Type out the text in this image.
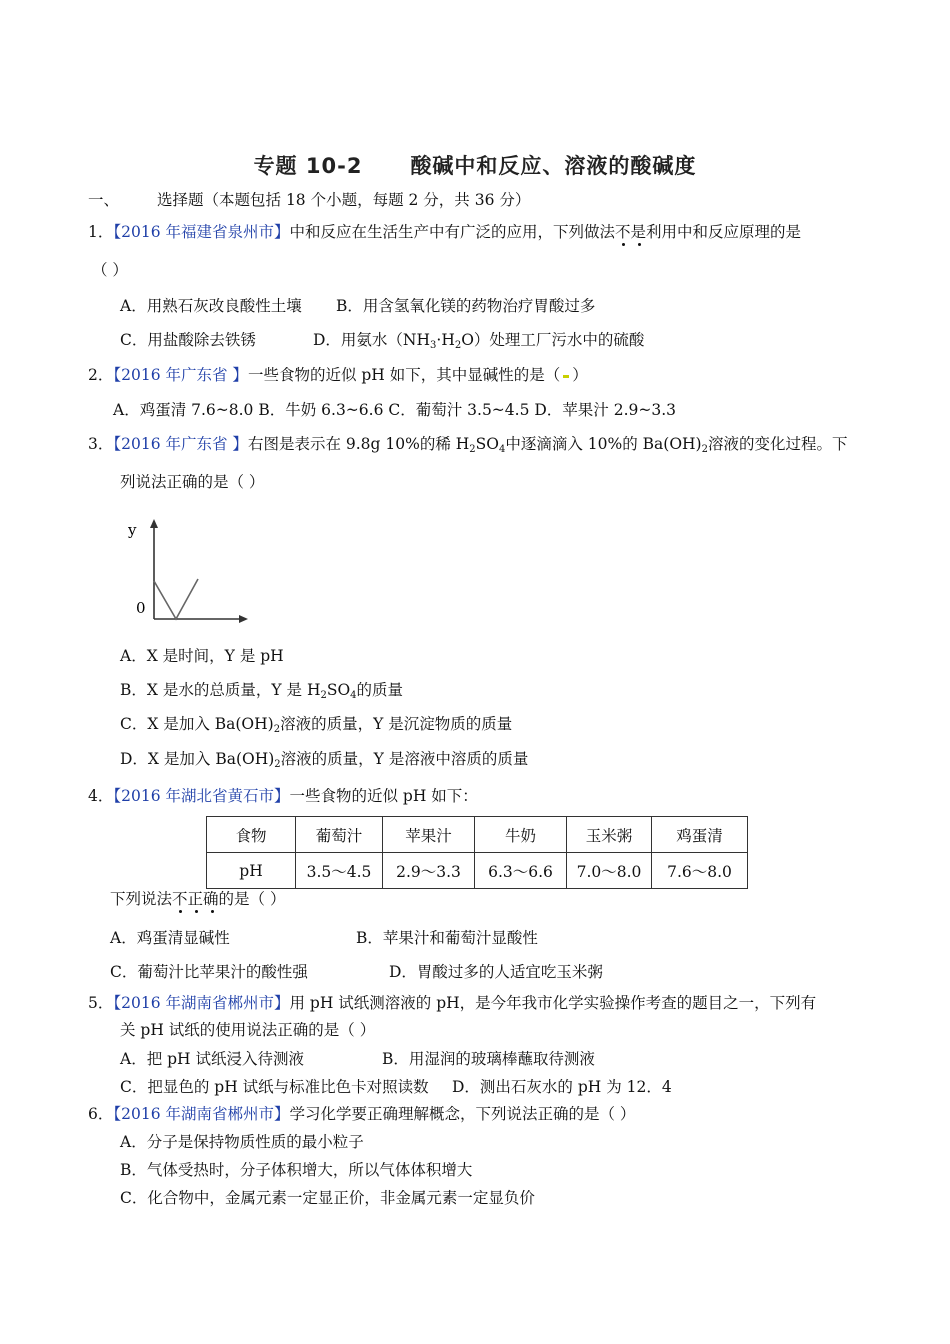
专题 10-2 酸碱中和反应、溶液的酸碱度
一、 选择题（本题包括 18 个小题，每题 2 分，共 36 分）
1．【2016 年福建省泉州市】中和反应在生活生产中有广泛的应用，下列做法不是
利用中和反应原理的是
（ ）
A．用熟石灰改良酸性土壤 B．用含氢氧化镁的药物治疗胃酸过多
C．用盐酸除去铁锈	D．用氨水$(NH_3\cdot H_2O)$处理工厂污水中的硫酸
2．【2016 年广东省 】一些食物的近似 pH 如下，其中显碱性的是（ ）
A．鸡蛋清 7.6~8.0 B．牛奶 6.3~6.6 C．葡萄汁 3.5~4.5 D．苹果汁 2.9~3.3
3．【2016 年广东省 】右图是表示在 9.8g 10%的稀 $H_2SO_4$中逐滴滴入 10%的 $Ba(OH)_2$溶液的变化过程。下
列说法正确的是（ ）
y
0
A．X 是时间，Y 是 pH
B．X 是水的总质量，Y 是 $H_2SO_4$的质量
C．X 是加入 $Ba(OH)_2$溶液的质量，Y 是沉淀物质的质量
D．X 是加入 $Ba(OH)_2$溶液的质量，Y 是溶液中溶质的质量
4．【2016 年湖北省黄石市】一些食物的近似 pH 如下：
食物	葡萄汁	苹果汁	牛奶	玉米粥	鸡蛋清
pH	3.5～4.5	2.9～3.3	6.3～6.6	7.0～8.0	7.6～8.0
下列说法不正确
的是（ ）
A．鸡蛋清显碱性	B．苹果汁和葡萄汁显酸性
C．葡萄汁比苹果汁的酸性强	D．胃酸过多的人适宜吃玉米粥
5．【2016 年湖南省郴州市】用 pH 试纸测溶液的 pH，是今年我市化学实验操作考查的题目之一，下列有
关 pH 试纸的使用说法正确的是（ ）
A．把 pH 试纸浸入待测液	B．用湿润的玻璃棒蘸取待测液
C．把显色的 pH 试纸与标准比色卡对照读数 D．测出石灰水的 pH 为 12．4
6．【2016 年湖南省郴州市】学习化学要正确理解概念，下列说法正确的是（ ）
A．分子是保持物质性质的最小粒子
B．气体受热时，分子体积增大，所以气体体积增大
C．化合物中，金属元素一定显正价，非金属元素一定显负价
